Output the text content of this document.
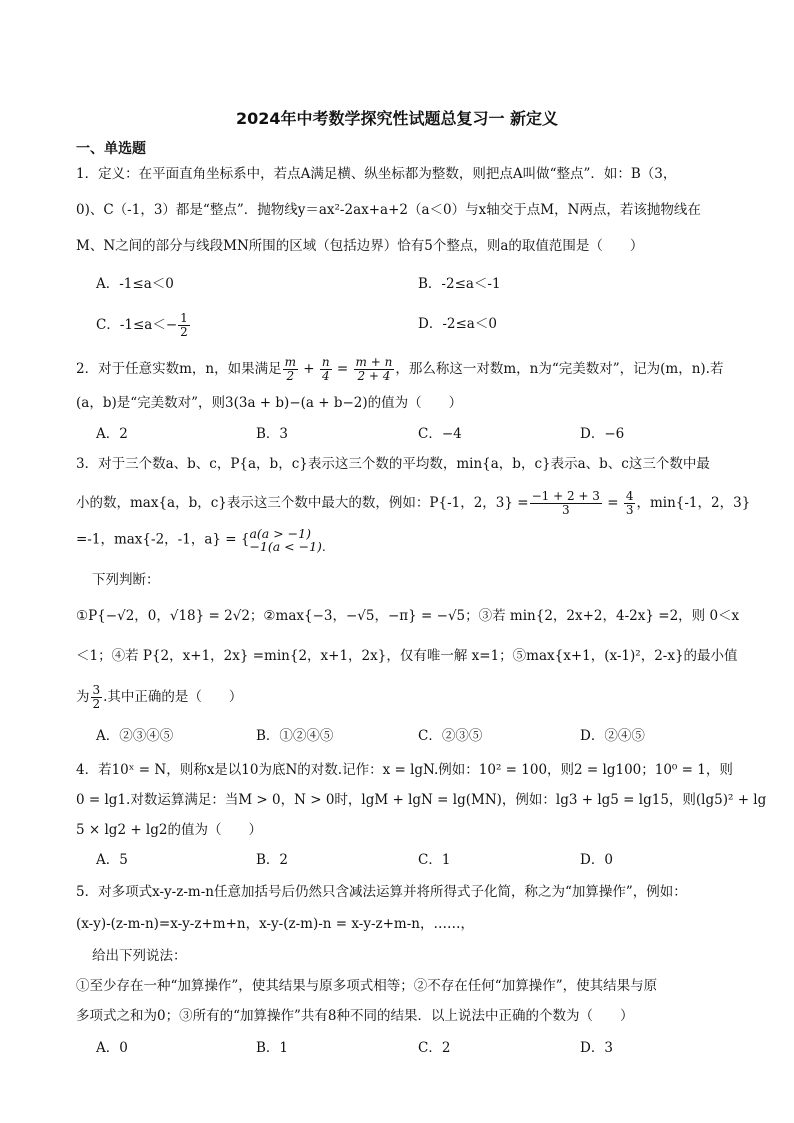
2024年中考数学探究性试题总复习一 新定义
一、单选题
1．定义：在平面直角坐标系中，若点A满足横、纵坐标都为整数，则把点A叫做“整点”．如：B（3，
0)、C（-1，3）都是“整点”．抛物线y＝ax²-2ax+a+2（a＜0）与x轴交于点M，N两点，若该抛物线在
M、N之间的部分与线段MN所围的区域（包括边界）恰有5个整点，则a的取值范围是（　　）
A．-1≤a＜0	B．-2≤a＜-1
C．$-1\le a<- \frac{1}{2}$	D．-2≤a＜0
2．对于任意实数m，n，如果满足 $\frac{m}{2} + \frac{n}{4} = \frac{m + n}{2 + 4}$ ，那么称这一对数m，n为“完美数对”，记为(m，n).若
(a，b)是“完美数对”，则3(3a + b)−(a + b−2)的值为（　　）
A．2	B．3	C．−4	D．−6
3．对于三个数a、b、c，P{a，b，c}表示这三个数的平均数，min{a，b，c}表示a、b、c这三个数中最
小的数，max{a，b，c}表示这三个数中最大的数，例如：P{-1，2，$3\} = \frac{-1 + 2 + 3}{3} = \frac{4}{3}$ ，min{-1，2，3}
=-1，max{-2，-1，a} = { a(a > −1)
−1(a < −1).
下列判断：
①P{−√2，0，√18} = 2√2；②max{−3，−√5，−π} = −√5；③若 min{2，2x+2，4-2x} =2，则 0＜x
＜1；④若 P{2，x+1，2x} =min{2，x+1，2x}，仅有唯一解 x=1；⑤max{x+1，(x-1)²，2-x}的最小值
为 $\frac{3}{2}$ .其中正确的是（　　）
A．②③④⑤	B．①②④⑤	C．②③⑤	D．②④⑤
4．若10ˣ = N，则称x是以10为底N的对数.记作：x = lgN.例如：10² = 100，则2 = lg100；10⁰ = 1，则
0 = lg1.对数运算满足：当M > 0，N > 0时，lgM + lgN = lg(MN)，例如：lg3 + lg5 = lg15，则(lg5)² + lg
5 × lg2 + lg2的值为（　　）
A．5	B．2	C．1	D．0
5．对多项式x-y-z-m-n任意加括号后仍然只含减法运算并将所得式子化简，称之为“加算操作”，例如：
(x-y)-(z-m-n)=x-y-z+m+n，x-y-(z-m)-n = x-y-z+m-n，……，
给出下列说法：
①至少存在一种“加算操作”，使其结果与原多项式相等；②不存在任何“加算操作”，使其结果与原
多项式之和为0；③所有的“加算操作”共有8种不同的结果．以上说法中正确的个数为（　　）
A．0	B．1	C．2	D．3
